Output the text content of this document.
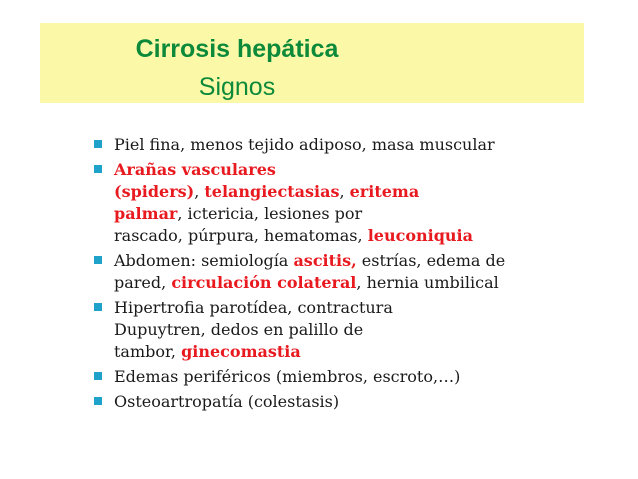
Cirrosis hepática
Signos
Piel fina, menos tejido adiposo, masa muscular
Arañas vasculares
(spiders), telangiectasias, eritema
palmar, ictericia, lesiones por
rascado, púrpura, hematomas, leuconiquia
Abdomen: semiología ascitis, estrías, edema de
pared, circulación colateral, hernia umbilical
Hipertrofia parotídea, contractura
Dupuytren, dedos en palillo de
tambor, ginecomastia
Edemas periféricos (miembros, escroto,…)
Osteoartropatía (colestasis)
